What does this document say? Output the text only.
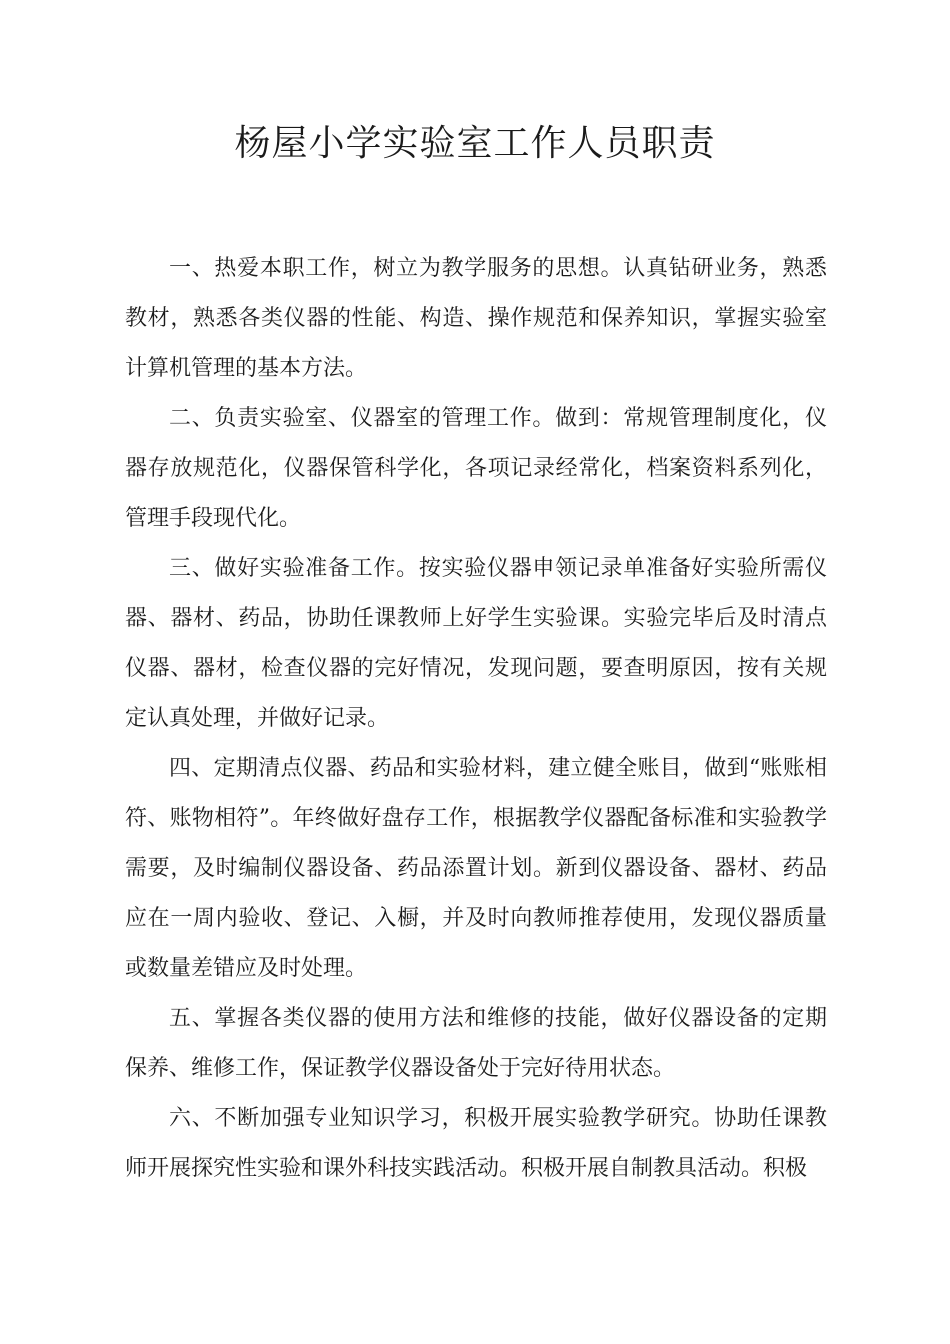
杨屋小学实验室工作人员职责

一、热爱本职工作，树立为教学服务的思想。认真钻研业务，熟悉教材，熟悉各类仪器的性能、构造、操作规范和保养知识，掌握实验室计算机管理的基本方法。

二、负责实验室、仪器室的管理工作。做到：常规管理制度化，仪器存放规范化，仪器保管科学化，各项记录经常化，档案资料系列化，管理手段现代化。

三、做好实验准备工作。按实验仪器申领记录单准备好实验所需仪器、器材、药品，协助任课教师上好学生实验课。实验完毕后及时清点仪器、器材，检查仪器的完好情况，发现问题，要查明原因，按有关规定认真处理，并做好记录。

四、定期清点仪器、药品和实验材料，建立健全账目，做到“账账相符、账物相符”。年终做好盘存工作，根据教学仪器配备标准和实验教学需要，及时编制仪器设备、药品添置计划。新到仪器设备、器材、药品应在一周内验收、登记、入橱，并及时向教师推荐使用，发现仪器质量或数量差错应及时处理。

五、掌握各类仪器的使用方法和维修的技能，做好仪器设备的定期保养、维修工作，保证教学仪器设备处于完好待用状态。

六、不断加强专业知识学习，积极开展实验教学研究。协助任课教师开展探究性实验和课外科技实践活动。积极开展自制教具活动。积极
